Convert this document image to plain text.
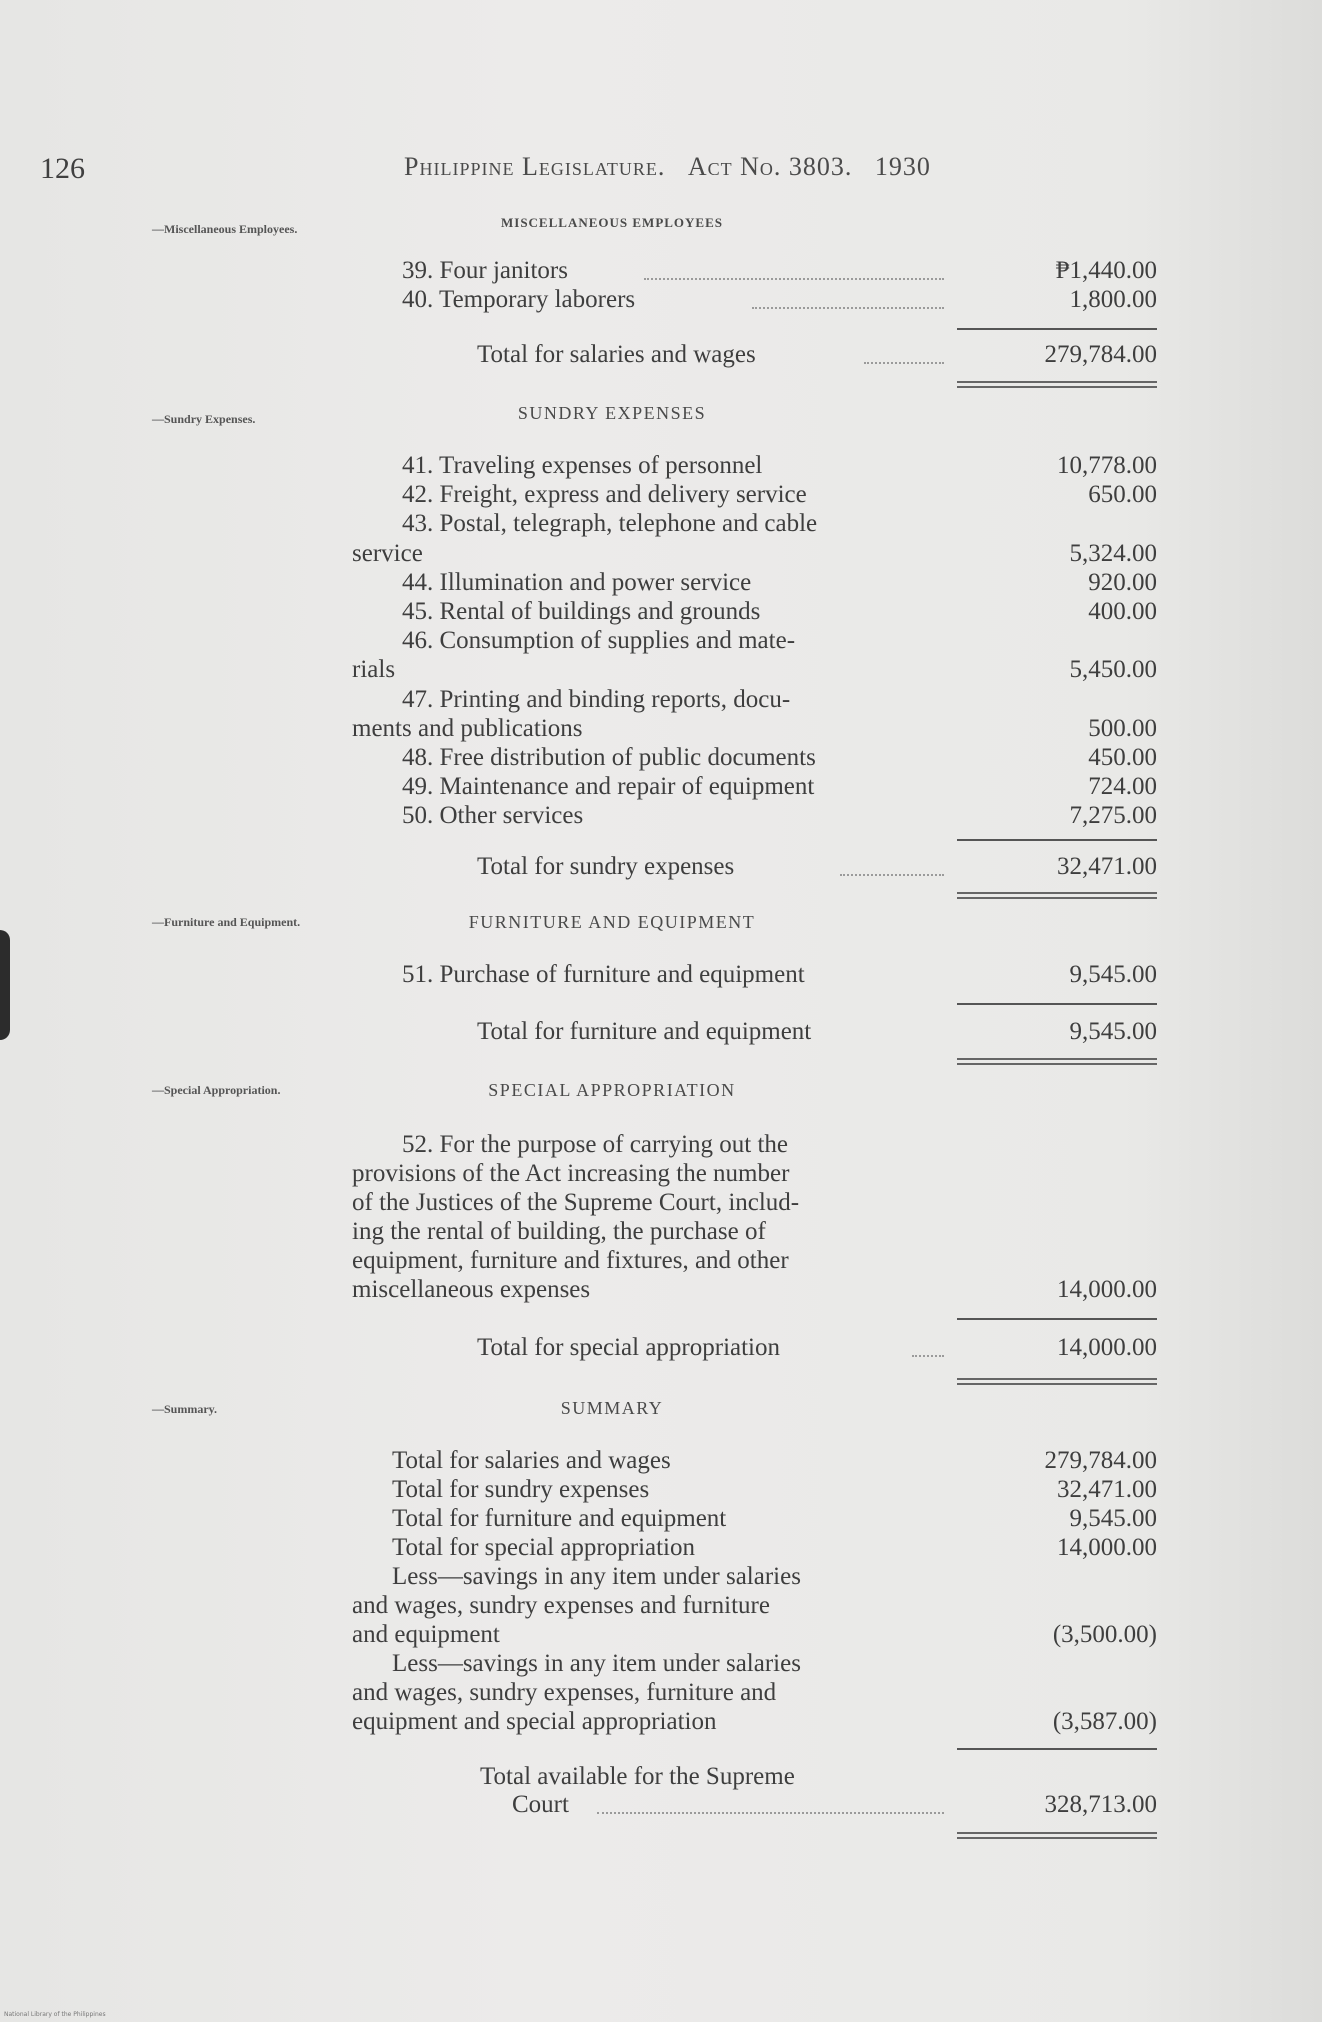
126	Philippine Legislature. Act No. 3803. 1930
—Miscellaneous Employees.
—Sundry Expenses.
—Furniture and Equipment.
—Special Appropriation.
—Summary.
MISCELLANEOUS EMPLOYEES
39. Four janitors	₱1,440.00
40. Temporary laborers	1,800.00
Total for salaries and wages	279,784.00
SUNDRY EXPENSES
41. Traveling expenses of personnel	10,778.00
42. Freight, express and delivery service	650.00
43. Postal, telegraph, telephone and cable
service	5,324.00
44. Illumination and power service	920.00
45. Rental of buildings and grounds	400.00
46. Consumption of supplies and mate-
rials	5,450.00
47. Printing and binding reports, docu-
ments and publications	500.00
48. Free distribution of public documents	450.00
49. Maintenance and repair of equipment	724.00
50. Other services	7,275.00
Total for sundry expenses	32,471.00
FURNITURE AND EQUIPMENT
51. Purchase of furniture and equipment	9,545.00
Total for furniture and equipment	9,545.00
SPECIAL APPROPRIATION
52. For the purpose of carrying out the
provisions of the Act increasing the number
of the Justices of the Supreme Court, includ-
ing the rental of building, the purchase of
equipment, furniture and fixtures, and other
miscellaneous expenses	14,000.00
Total for special appropriation	14,000.00
SUMMARY
Total for salaries and wages	279,784.00
Total for sundry expenses	32,471.00
Total for furniture and equipment	9,545.00
Total for special appropriation	14,000.00
Less—savings in any item under salaries
and wages, sundry expenses and furniture
and equipment	(3,500.00)
Less—savings in any item under salaries
and wages, sundry expenses, furniture and
equipment and special appropriation	(3,587.00)
Total available for the Supreme
Court	328,713.00
National Library of the Philippines
